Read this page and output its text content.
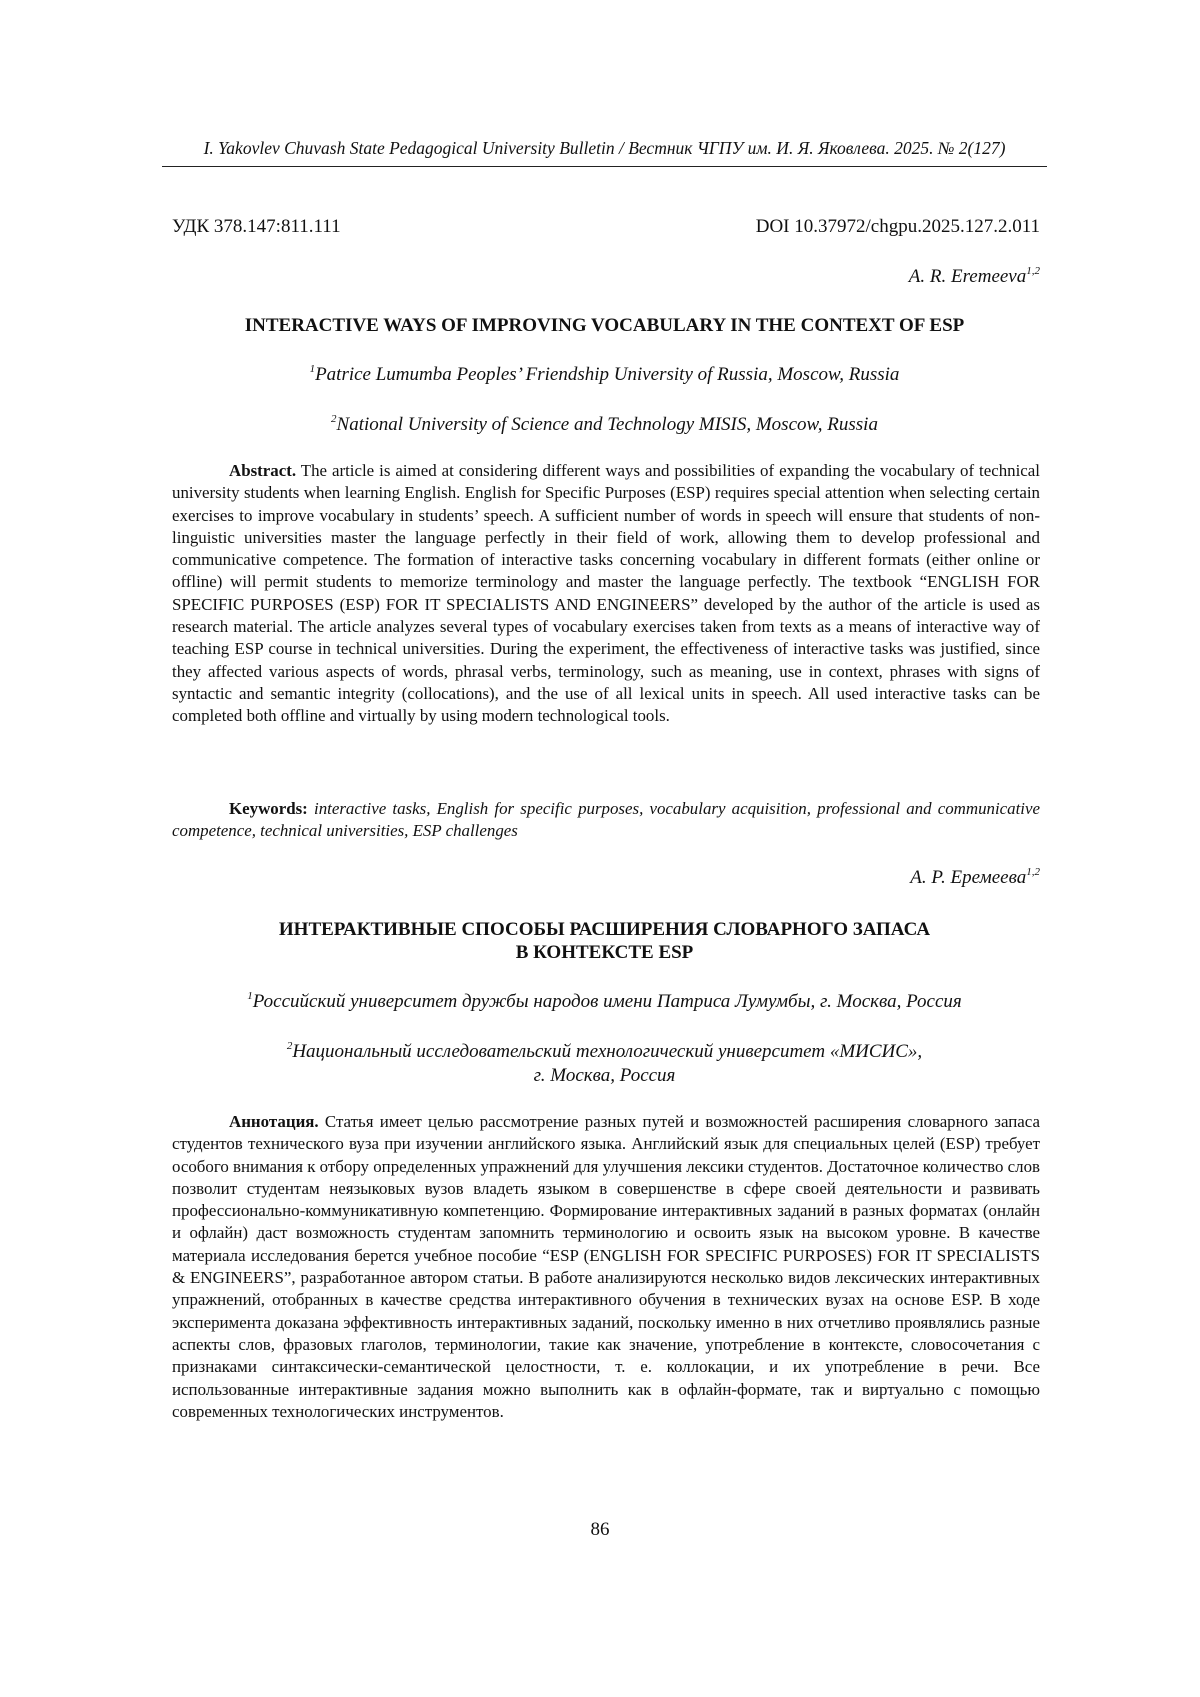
I. Yakovlev Chuvash State Pedagogical University Bulletin / Вестник ЧГПУ им. И. Я. Яковлева. 2025. № 2(127)
УДК 378.147:811.111	DOI 10.37972/chgpu.2025.127.2.011
A. R. Eremeeva$^{1,2}$
INTERACTIVE WAYS OF IMPROVING VOCABULARY IN THE CONTEXT OF ESP
$^1$Patrice Lumumba Peoples’ Friendship University of Russia, Moscow, Russia
$^2$National University of Science and Technology MISIS, Moscow, Russia
Abstract. The article is aimed at considering different ways and possibilities of expanding the vocabulary of technical university students when learning English. English for Specific Purposes (ESP) requires special attention when selecting certain exercises to improve vocabulary in students’ speech. A sufficient number of words in speech will ensure that students of non-linguistic universities master the language perfectly in their field of work, allowing them to develop professional and communicative competence. The formation of interactive tasks concerning vocabulary in different formats (either online or offline) will permit students to memorize terminology and master the language perfectly. The textbook “ENGLISH FOR SPECIFIC PURPOSES (ESP) FOR IT SPECIALISTS AND ENGINEERS” developed by the author of the article is used as research material. The article analyzes several types of vocabulary exercises taken from texts as a means of interactive way of teaching ESP course in technical universities. During the experiment, the effectiveness of interactive tasks was justified, since they affected various aspects of words, phrasal verbs, terminology, such as meaning, use in context, phrases with signs of syntactic and semantic integrity (collocations), and the use of all lexical units in speech. All used interactive tasks can be completed both offline and virtually by using modern technological tools.
Keywords: interactive tasks, English for specific purposes, vocabulary acquisition, professional and communicative competence, technical universities, ESP challenges
А. Р. Еремеева$^{1,2}$
ИНТЕРАКТИВНЫЕ СПОСОБЫ РАСШИРЕНИЯ СЛОВАРНОГО ЗАПАСА
В КОНТЕКСТЕ ESP
$^1$Российский университет дружбы народов имени Патриса Лумумбы, г. Москва, Россия
$^2$Национальный исследовательский технологический университет «МИСИС»,
г. Москва, Россия
Аннотация. Статья имеет целью рассмотрение разных путей и возможностей расширения словарного запаса студентов технического вуза при изучении английского языка. Английский язык для специальных целей (ESP) требует особого внимания к отбору определенных упражнений для улучшения лексики студентов. Достаточное количество слов позволит студентам неязыковых вузов владеть языком в совершенстве в сфере своей деятельности и развивать профессионально-коммуникативную компетенцию. Формирование интерактивных заданий в разных форматах (онлайн и офлайн) даст возможность студентам запомнить терминологию и освоить язык на высоком уровне. В качестве материала исследования берется учебное пособие “ESP (ENGLISH FOR SPECIFIC PURPOSES) FOR IT SPECIALISTS & ENGINEERS”, разработанное автором статьи. В работе анализируются несколько видов лексических интерактивных упражнений, отобранных в качестве средства интерактивного обучения в технических вузах на основе ESP. В ходе эксперимента доказана эффективность интерактивных заданий, поскольку именно в них отчетливо проявлялись разные аспекты слов, фразовых глаголов, терминологии, такие как значение, употребление в контексте, словосочетания с признаками синтаксически-семантической целостности, т. е. коллокации, и их употребление в речи. Все использованные интерактивные задания можно выполнить как в офлайн-формате, так и виртуально с помощью современных технологических инструментов.
86
